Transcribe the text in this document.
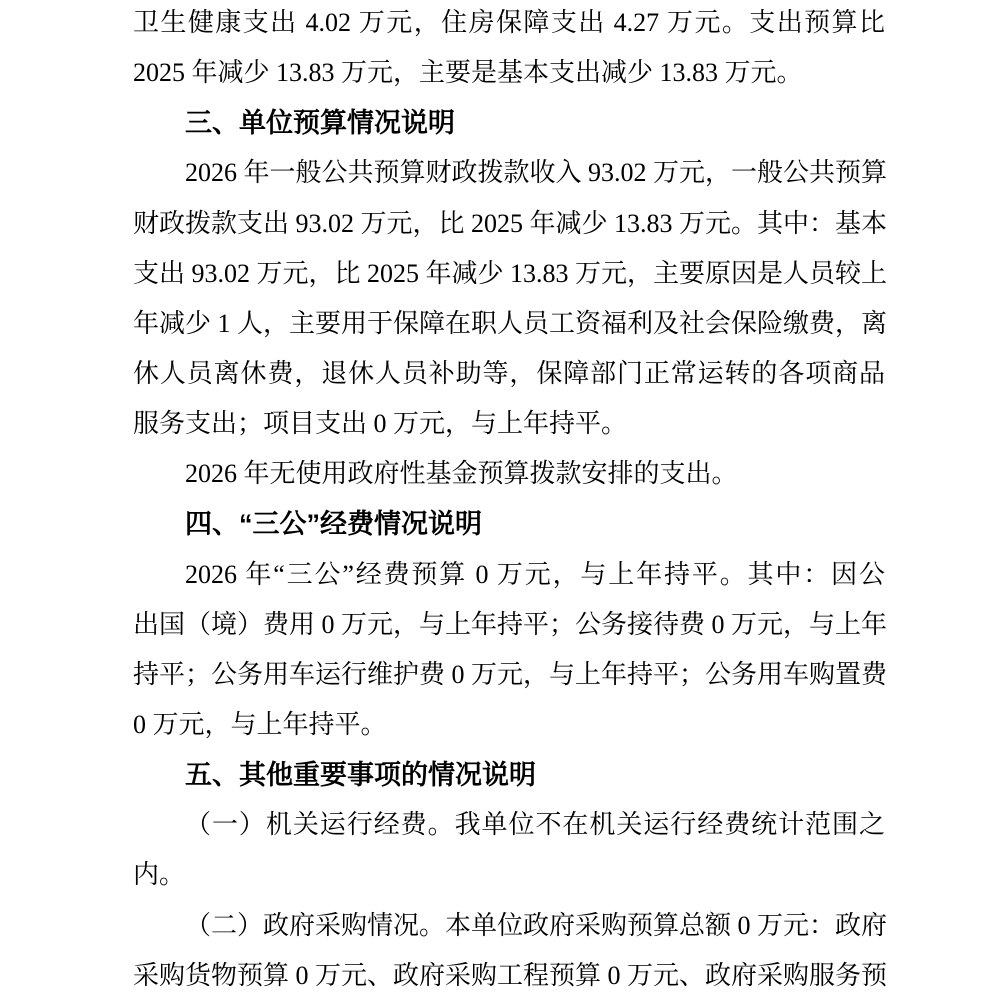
卫生健康支出 4.02 万元，住房保障支出 4.27 万元。支出预算比
2025 年减少 13.83 万元，主要是基本支出减少 13.83 万元。
三、单位预算情况说明
2026 年一般公共预算财政拨款收入 93.02 万元，一般公共预算
财政拨款支出 93.02 万元，比 2025 年减少 13.83 万元。其中：基本
支出 93.02 万元，比 2025 年减少 13.83 万元，主要原因是人员较上
年减少 1 人，主要用于保障在职人员工资福利及社会保险缴费，离
休人员离休费，退休人员补助等，保障部门正常运转的各项商品
服务支出；项目支出 0 万元，与上年持平。
2026 年无使用政府性基金预算拨款安排的支出。
四、“三公”经费情况说明
2026 年“三公”经费预算 0 万元，与上年持平。其中：因公
出国（境）费用 0 万元，与上年持平；公务接待费 0 万元，与上年
持平；公务用车运行维护费 0 万元，与上年持平；公务用车购置费
0 万元，与上年持平。
五、其他重要事项的情况说明
（一）机关运行经费。我单位不在机关运行经费统计范围之
内。
（二）政府采购情况。本单位政府采购预算总额 0 万元：政府
采购货物预算 0 万元、政府采购工程预算 0 万元、政府采购服务预
